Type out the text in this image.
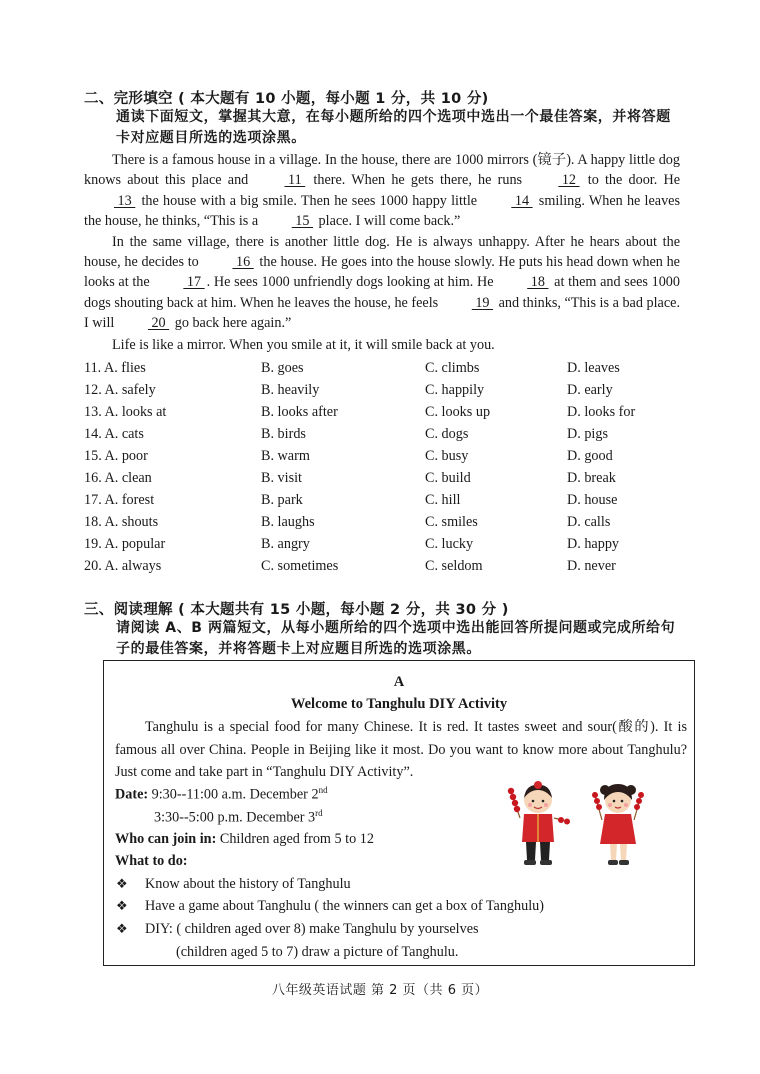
二、完形填空 ( 本大题有 10 小题，每小题 1 分，共 10 分)
通读下面短文，掌握其大意，在每小题所给的四个选项中选出一个最佳答案，并将答题卡对应题目所选的选项涂黑。

There is a famous house in a village. In the house, there are 1000 mirrors (镜子). A happy little dog knows about this place and	11  there. When he gets there, he runs  12  to the door. He  13  the house with a big smile. Then he sees 1000 happy little  14  smiling. When he leaves the house, he thinks, “This is a  15  place. I will come back.”

In the same village, there is another little dog. He is always unhappy. After he hears about the house, he decides to  16  the house. He goes into the house slowly. He puts his head down when he looks at the  17 . He sees 1000 unfriendly dogs looking at him. He  18  at them and sees 1000 dogs shouting back at him. When he leaves the house, he feels  19  and thinks, “This is a bad place. I will  20  go back here again.”

Life is like a mirror. When you smile at it, it will smile back at you.

11. A. flies	B. goes	C. climbs	D. leaves
12. A. safely	B. heavily	C. happily	D. early
13. A. looks at	B. looks after	C. looks up	D. looks for
14. A. cats	B. birds	C. dogs	D. pigs
15. A. poor	B. warm	C. busy	D. good
16. A. clean	B. visit	C. build	D. break
17. A. forest	B. park	C. hill	D. house
18. A. shouts	B. laughs	C. smiles	D. calls
19. A. popular	B. angry	C. lucky	D. happy
20. A. always	C. sometimes	C. seldom	D. never
三、阅读理解 ( 本大题共有 15 小题，每小题 2 分，共 30 分 )
请阅读 A、B 两篇短文，从每小题所给的四个选项中选出能回答所提问题或完成所给句子的最佳答案，并将答题卡上对应题目所选的选项涂黑。
A
Welcome to Tanghulu DIY Activity

Tanghulu is a special food for many Chinese. It is red. It tastes sweet and sour(酸的). It is famous all over China. People in Beijing like it most. Do you want to know more about Tanghulu? Just come and take part in “Tanghulu DIY Activity”.

Date: 9:30--11:00 a.m. December 2nd
3:30--5:00 p.m. December 3rd
Who can join in: Children aged from 5 to 12
What to do:
❖ Know about the history of Tanghulu
❖ Have a game about Tanghulu ( the winners can get a box of Tanghulu)
❖ DIY: ( children aged over 8) make Tanghulu by yourselves
(children aged 5 to 7) draw a picture of Tanghulu.
八年级英语试题 第 2 页（共 6 页）
